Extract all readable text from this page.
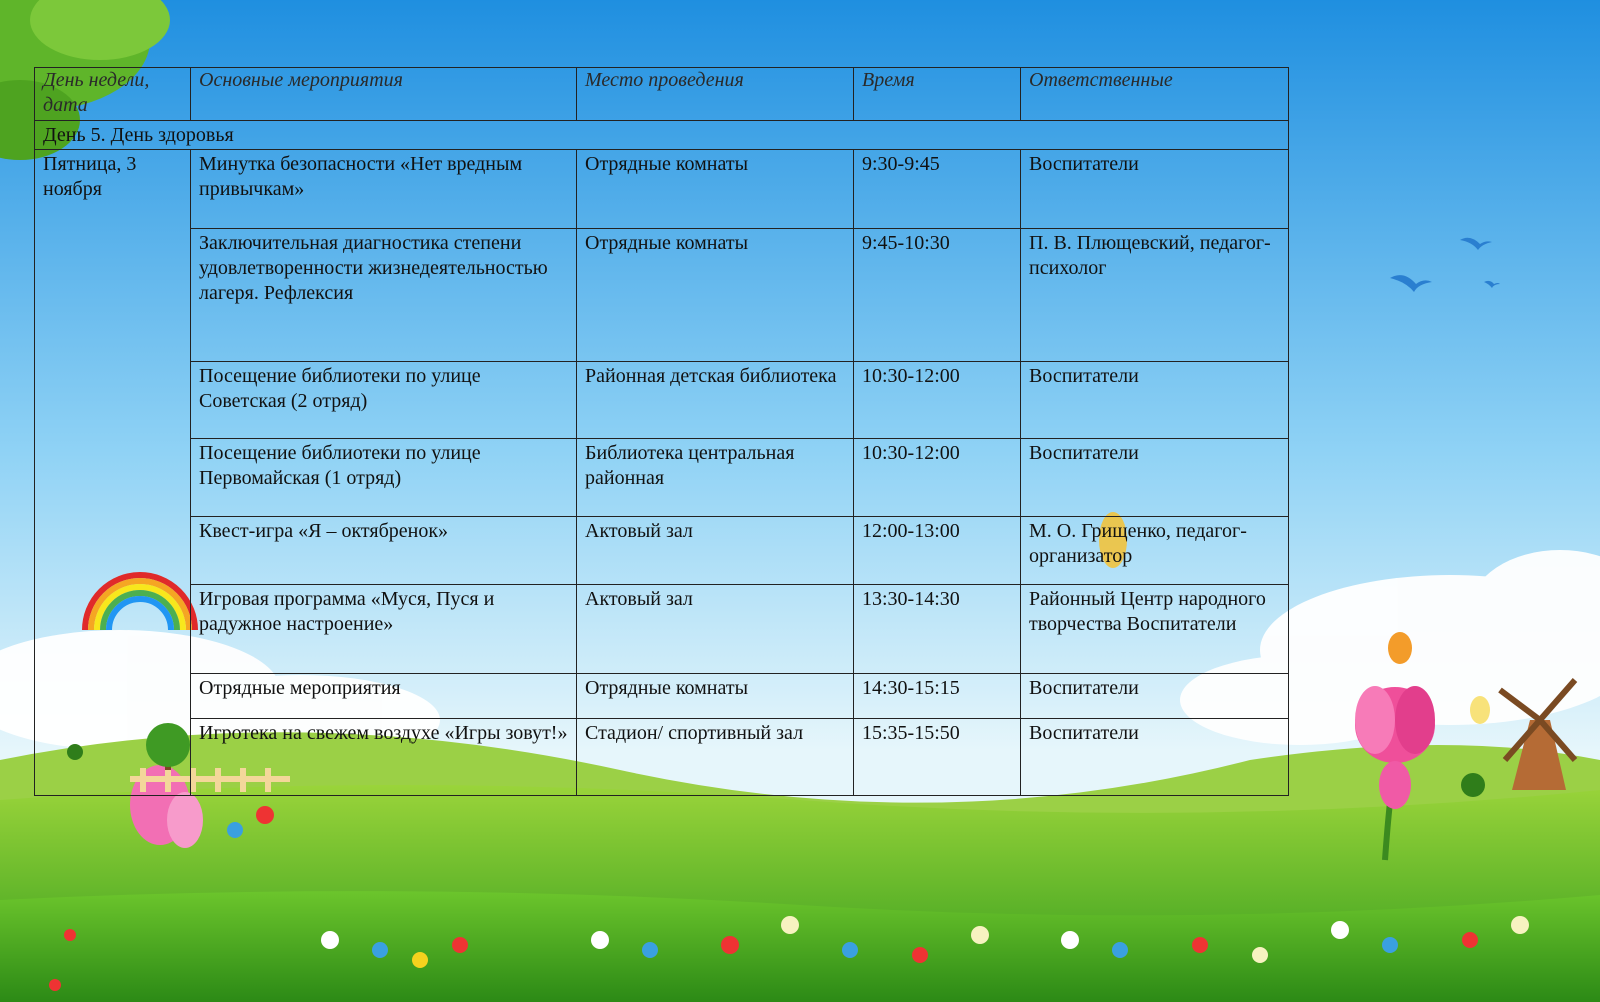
День недели, дата	Основные мероприятия	Место проведения	Время	Ответственные
День 5. День здоровья				
Пятница, 3 ноября	Минутка безопасности «Нет вредным привычкам»	Отрядные комнаты	9:30-9:45	Воспитатели
	Заключительная диагностика степени удовлетворенности жизнедеятельностью лагеря. Рефлексия	Отрядные комнаты	9:45-10:30	П. В. Плющевский, педагог-психолог
	Посещение библиотеки по улице Советская (2 отряд)	Районная детская библиотека	10:30-12:00	Воспитатели
	Посещение библиотеки по улице Первомайская (1 отряд)	Библиотека центральная районная	10:30-12:00	Воспитатели
	Квест-игра «Я – октябренок»	Актовый зал	12:00-13:00	М. О. Грищенко, педагог-организатор
	Игровая программа «Муся, Пуся и радужное настроение»	Актовый зал	13:30-14:30	Районный Центр народного творчества Воспитатели
	Отрядные мероприятия	Отрядные комнаты	14:30-15:15	Воспитатели
	Игротека на свежем воздухе «Игры зовут!»	Стадион/ спортивный зал	15:35-15:50	Воспитатели
